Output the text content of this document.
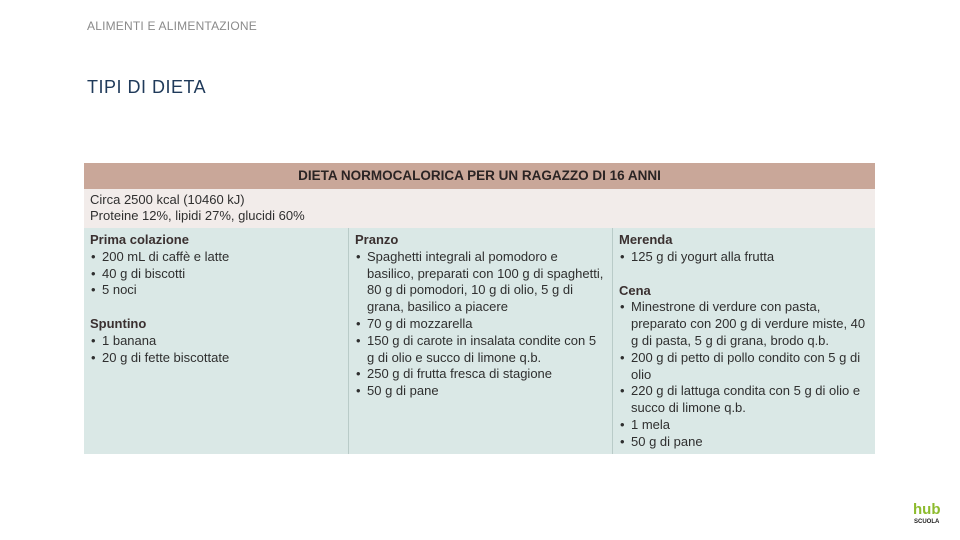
ALIMENTI E ALIMENTAZIONE
TIPI DI DIETA
DIETA NORMOCALORICA PER UN RAGAZZO DI 16 ANNI
Circa 2500 kcal (10460 kJ)
Proteine 12%, lipidi 27%, glucidi 60%
Prima colazione
• 200 mL di caffè e latte
• 40 g di biscotti
• 5 noci
Spuntino
• 1 banana
• 20 g di fette biscottate
Pranzo
• Spaghetti integrali al pomodoro e basilico, preparati con 100 g di spaghetti, 80 g di pomodori, 10 g di olio, 5 g di grana, basilico a piacere
• 70 g di mozzarella
• 150 g di carote in insalata condite con 5 g di olio e succo di limone q.b.
• 250 g di frutta fresca di stagione
• 50 g di pane
Merenda
• 125 g di yogurt alla frutta
Cena
• Minestrone di verdure con pasta, preparato con 200 g di verdure miste, 40 g di pasta, 5 g di grana, brodo q.b.
• 200 g di petto di pollo condito con 5 g di olio
• 220 g di lattuga condita con 5 g di olio e succo di limone q.b.
• 1 mela
• 50 g di pane
hub
SCUOLA
